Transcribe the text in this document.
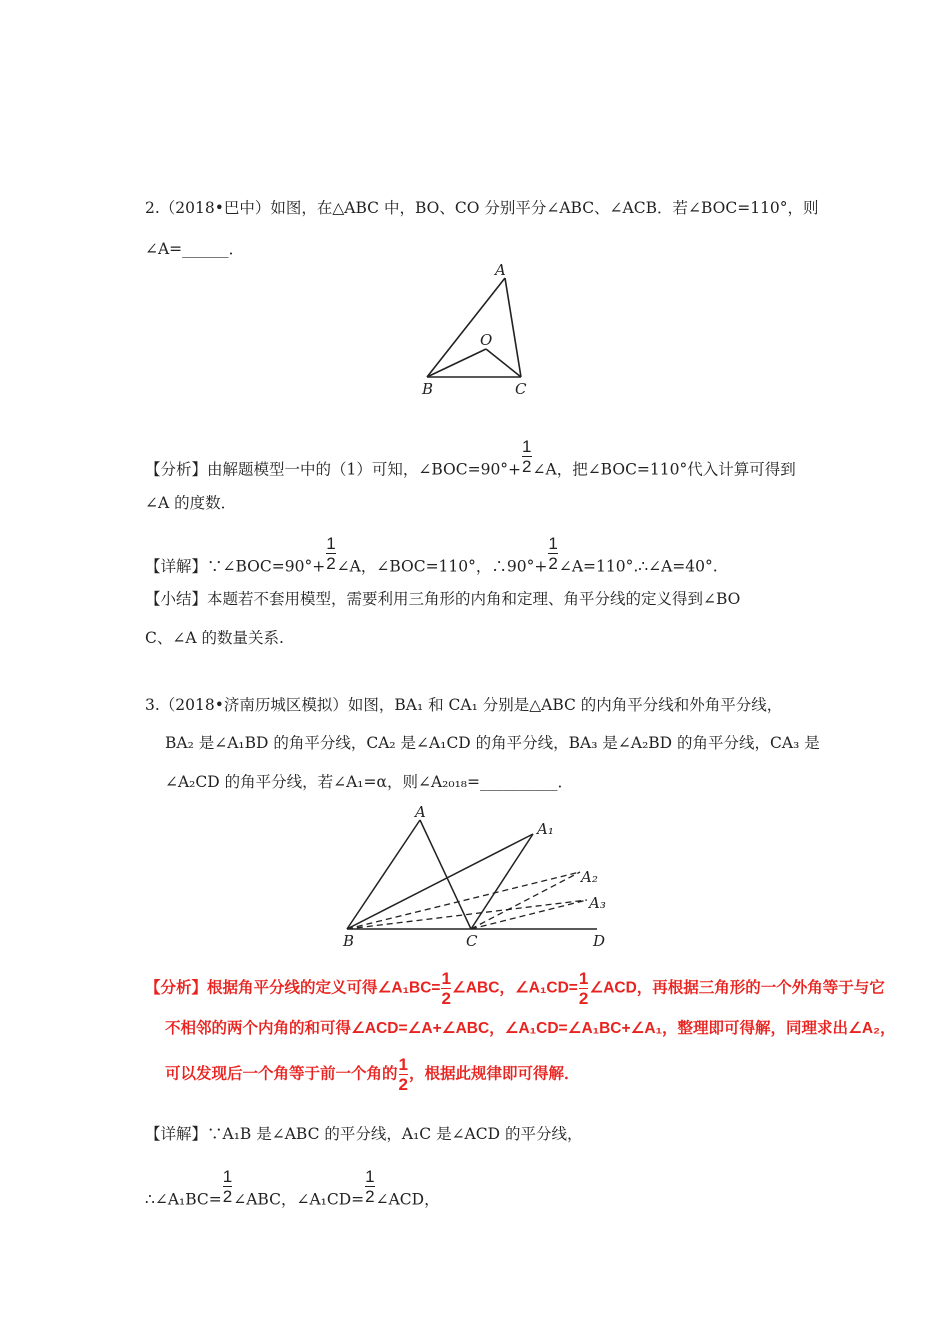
2.（2018•巴中）如图，在△ABC 中，BO、CO 分别平分∠ABC、∠ACB．若∠BOC=110°，则
∠A=______．
A
O
B	C
【分析】由解题模型一中的（1）可知，∠BOC=90°+ $\frac{1}{2}$ ∠A，把∠BOC=110°代入计算可得到
∠A 的度数．
【详解】∵∠BOC=90°+ $\frac{1}{2}$ ∠A，∠BOC=110°，∴90°+ $\frac{1}{2}$ ∠A=110°.∴∠A=40°.
【小结】本题若不套用模型，需要利用三角形的内角和定理、角平分线的定义得到∠BO
C、∠A 的数量关系.
3.（2018•济南历城区模拟）如图，BA₁ 和 CA₁ 分别是△ABC 的内角平分线和外角平分线，
BA₂ 是∠A₁BD 的角平分线，CA₂ 是∠A₁CD 的角平分线，BA₃ 是∠A₂BD 的角平分线，CA₃ 是
∠A₂CD 的角平分线，若∠A₁=α，则∠A₂₀₁₈=__________．
A
A₁
A₂
A₃
B	C	D
【分析】根据角平分线的定义可得∠A₁BC= $\frac{1}{2}$ ∠ABC，∠A₁CD= $\frac{1}{2}$ ∠ACD，再根据三角形的一个外角等于与它
不相邻的两个内角的和可得∠ACD=∠A+∠ABC，∠A₁CD=∠A₁BC+∠A₁，整理即可得解，同理求出∠A₂，
可以发现后一个角等于前一个角的 $\frac{1}{2}$ ，根据此规律即可得解．
【详解】∵A₁B 是∠ABC 的平分线，A₁C 是∠ACD 的平分线，
∴∠A₁BC= $\frac{1}{2}$ ∠ABC，∠A₁CD= $\frac{1}{2}$ ∠ACD，
